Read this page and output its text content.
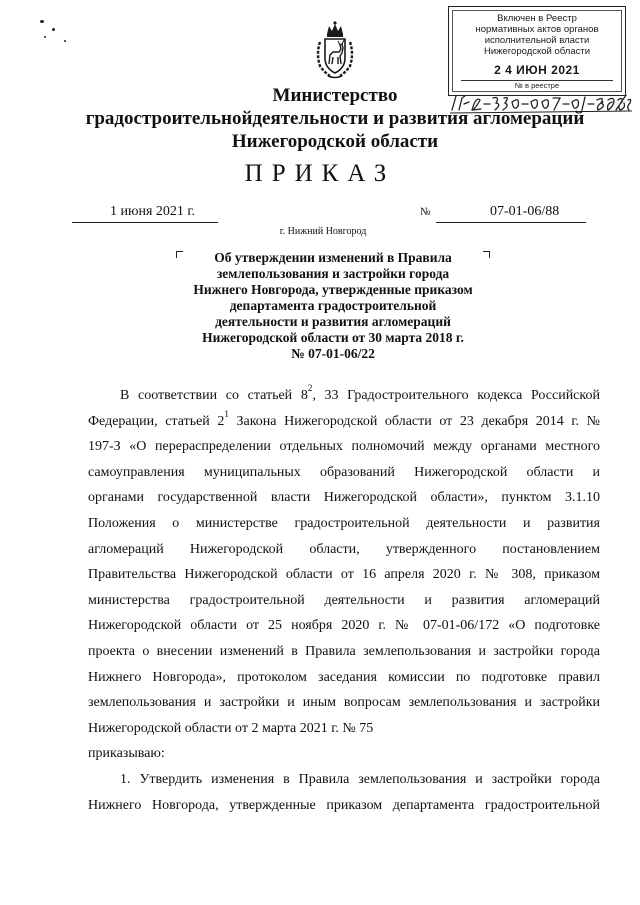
Включен в Реестр
нормативных актов органов
исполнительной власти
Нижегородской области
2 4 ИЮН 2021
№ в реестре
Министерство
градостроительнойдеятельности и развития агломераций
Нижегородской области
ПРИКАЗ
1 июня 2021 г.	№	07-01-06/88
г. Нижний Новгород
Об утверждении изменений в Правила
землепользования и застройки города
Нижнего Новгорода, утвержденные приказом
департамента градостроительной
деятельности и развития агломераций
Нижегородской области от 30 марта 2018 г.
№ 07-01-06/22
В соответствии со статьей $8^2$, 33 Градостроительного кодекса Российской
Федерации, статьей $2^1$ Закона Нижегородской области от 23 декабря 2014 г. №
197-З «О перераспределении отдельных полномочий между органами местного
самоуправления муниципальных образований Нижегородской области и
органами государственной власти Нижегородской области», пунктом 3.1.10
Положения о министерстве градостроительной деятельности и развития
агломераций Нижегородской области, утвержденного постановлением
Правительства Нижегородской области от 16 апреля 2020 г. № 308, приказом
министерства градостроительной деятельности и развития агломераций
Нижегородской области от 25 ноября 2020 г. № 07-01-06/172 «О подготовке
проекта о внесении изменений в Правила землепользования и застройки города
Нижнего Новгорода», протоколом заседания комиссии по подготовке правил
землепользования и застройки и иным вопросам землепользования и застройки
Нижегородской области от 2 марта 2021 г. № 75
приказываю:
1. Утвердить изменения в Правила землепользования и застройки города
Нижнего Новгорода, утвержденные приказом департамента градостроительной
